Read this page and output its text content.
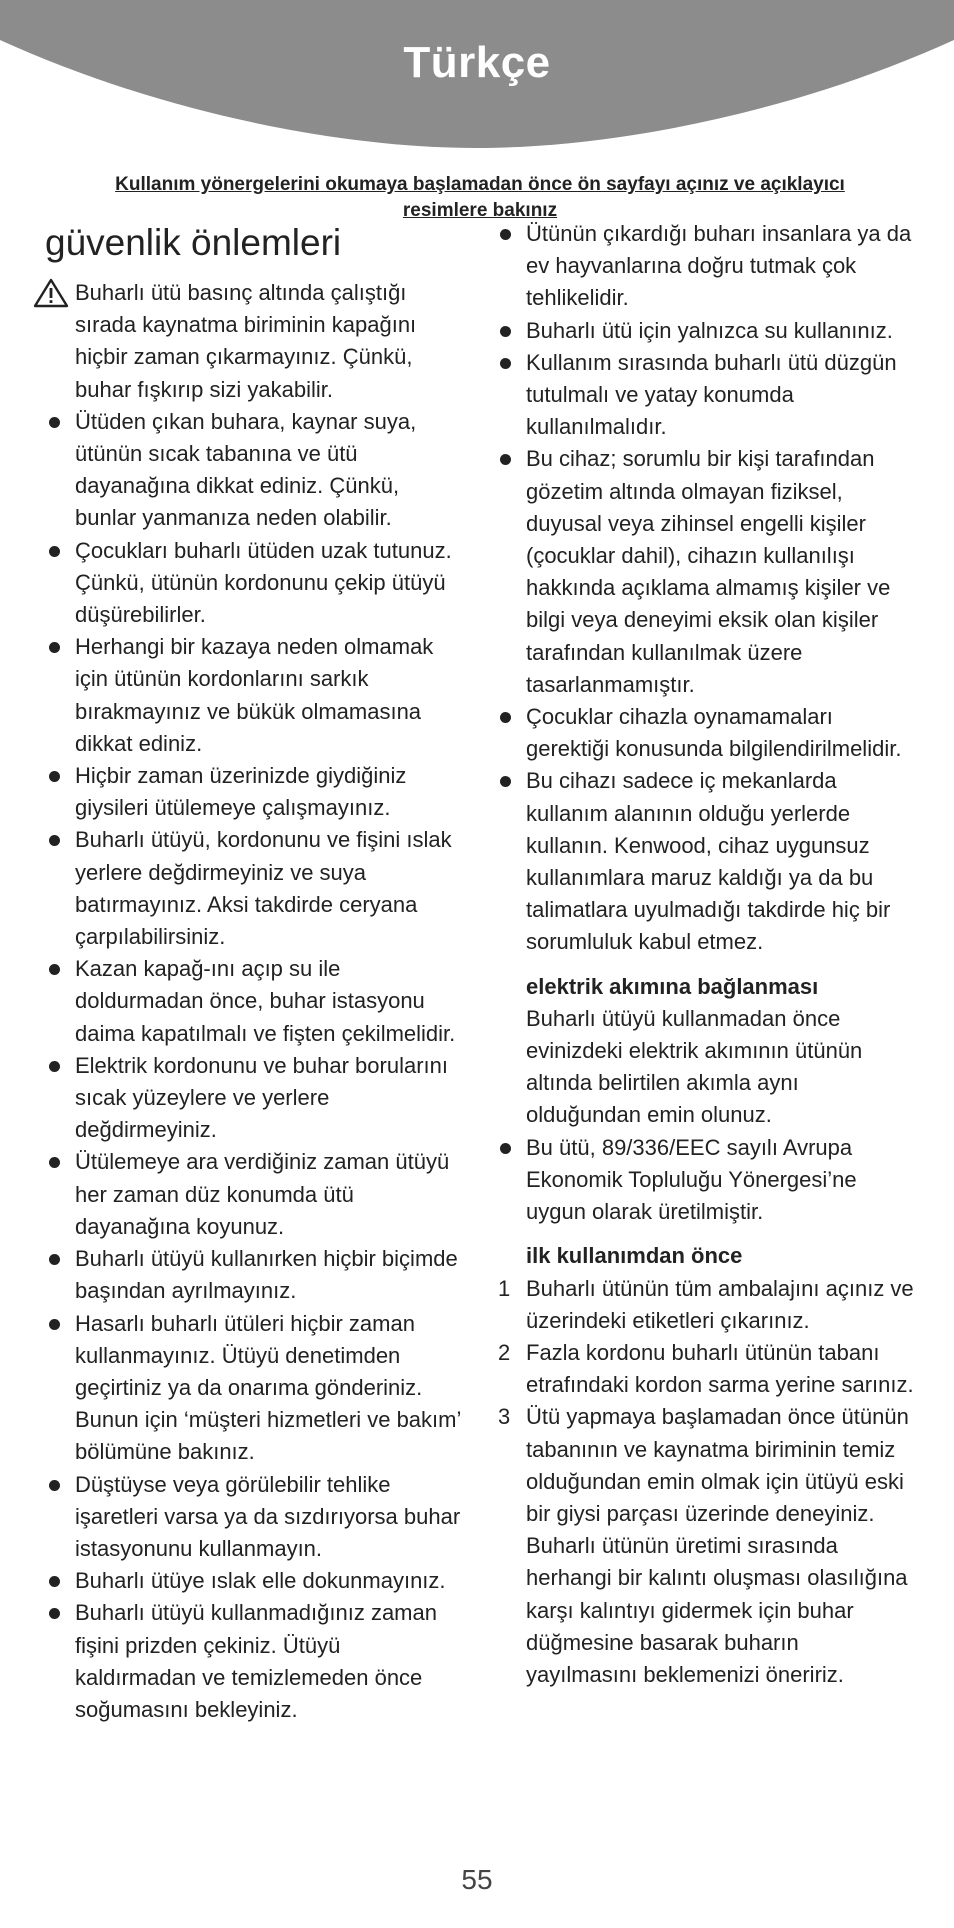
Türkçe
Kullanım yönergelerini okumaya başlamadan önce ön sayfayı açınız ve açıklayıcı resimlere bakınız
güvenlik önlemleri
Buharlı ütü basınç altında çalıştığı sırada kaynatma biriminin kapağını hiçbir zaman çıkarmayınız. Çünkü, buhar fışkırıp sizi yakabilir.
Ütüden çıkan buhara, kaynar suya, ütünün sıcak tabanına ve ütü dayanağına dikkat ediniz. Çünkü, bunlar yanmanıza neden olabilir.
Çocukları buharlı ütüden uzak tutunuz. Çünkü, ütünün kordonunu çekip ütüyü düşürebilirler.
Herhangi bir kazaya neden olmamak için ütünün kordonlarını sarkık bırakmayınız ve bükük olmamasına dikkat ediniz.
Hiçbir zaman üzerinizde giydiğiniz giysileri ütülemeye çalışmayınız.
Buharlı ütüyü, kordonunu ve fişini ıslak yerlere değdirmeyiniz ve suya batırmayınız. Aksi takdirde ceryana çarpılabilirsiniz.
Kazan kapağ-ını açıp su ile doldurmadan önce, buhar istasyonu daima kapatılmalı ve fişten çekilmelidir.
Elektrik kordonunu ve buhar borularını sıcak yüzeylere ve yerlere değdirmeyiniz.
Ütülemeye ara verdiğiniz zaman ütüyü her zaman düz konumda ütü dayanağına koyunuz.
Buharlı ütüyü kullanırken hiçbir biçimde başından ayrılmayınız.
Hasarlı buharlı ütüleri hiçbir zaman kullanmayınız. Ütüyü denetimden geçirtiniz ya da onarıma gönderiniz. Bunun için ‘müşteri hizmetleri ve bakım’ bölümüne bakınız.
Düştüyse veya görülebilir tehlike işaretleri varsa ya da sızdırıyorsa buhar istasyonunu kullanmayın.
Buharlı ütüye ıslak elle dokunmayınız.
Buharlı ütüyü kullanmadığınız zaman fişini prizden çekiniz. Ütüyü kaldırmadan ve temizlemeden önce soğumasını bekleyiniz.
Ütünün çıkardığı buharı insanlara ya da ev hayvanlarına doğru tutmak çok tehlikelidir.
Buharlı ütü için yalnızca su kullanınız.
Kullanım sırasında buharlı ütü düzgün tutulmalı ve yatay konumda kullanılmalıdır.
Bu cihaz; sorumlu bir kişi tarafından gözetim altında olmayan fiziksel, duyusal veya zihinsel engelli kişiler (çocuklar dahil), cihazın kullanılışı hakkında açıklama almamış kişiler ve bilgi veya deneyimi eksik olan kişiler tarafından kullanılmak üzere tasarlanmamıştır.
Çocuklar cihazla oynamamaları gerektiği konusunda bilgilendirilmelidir.
Bu cihazı sadece iç mekanlarda kullanım alanının olduğu yerlerde kullanın. Kenwood, cihaz uygunsuz kullanımlara maruz kaldığı ya da bu talimatlara uyulmadığı takdirde hiç bir sorumluluk kabul etmez.
elektrik akımına bağlanması
Buharlı ütüyü kullanmadan önce evinizdeki elektrik akımının ütünün altında belirtilen akımla aynı olduğundan emin olunuz.
Bu ütü, 89/336/EEC sayılı Avrupa Ekonomik Topluluğu Yönergesi’ne uygun olarak üretilmiştir.
ilk kullanımdan önce
1 Buharlı ütünün tüm ambalajını açınız ve üzerindeki etiketleri çıkarınız.
2 Fazla kordonu buharlı ütünün tabanı etrafındaki kordon sarma yerine sarınız.
3 Ütü yapmaya başlamadan önce ütünün tabanının ve kaynatma biriminin temiz olduğundan emin olmak için ütüyü eski bir giysi parçası üzerinde deneyiniz. Buharlı ütünün üretimi sırasında herhangi bir kalıntı oluşması olasılığına karşı kalıntıyı gidermek için buhar düğmesine basarak buharın yayılmasını beklemenizi öneririz.
55
